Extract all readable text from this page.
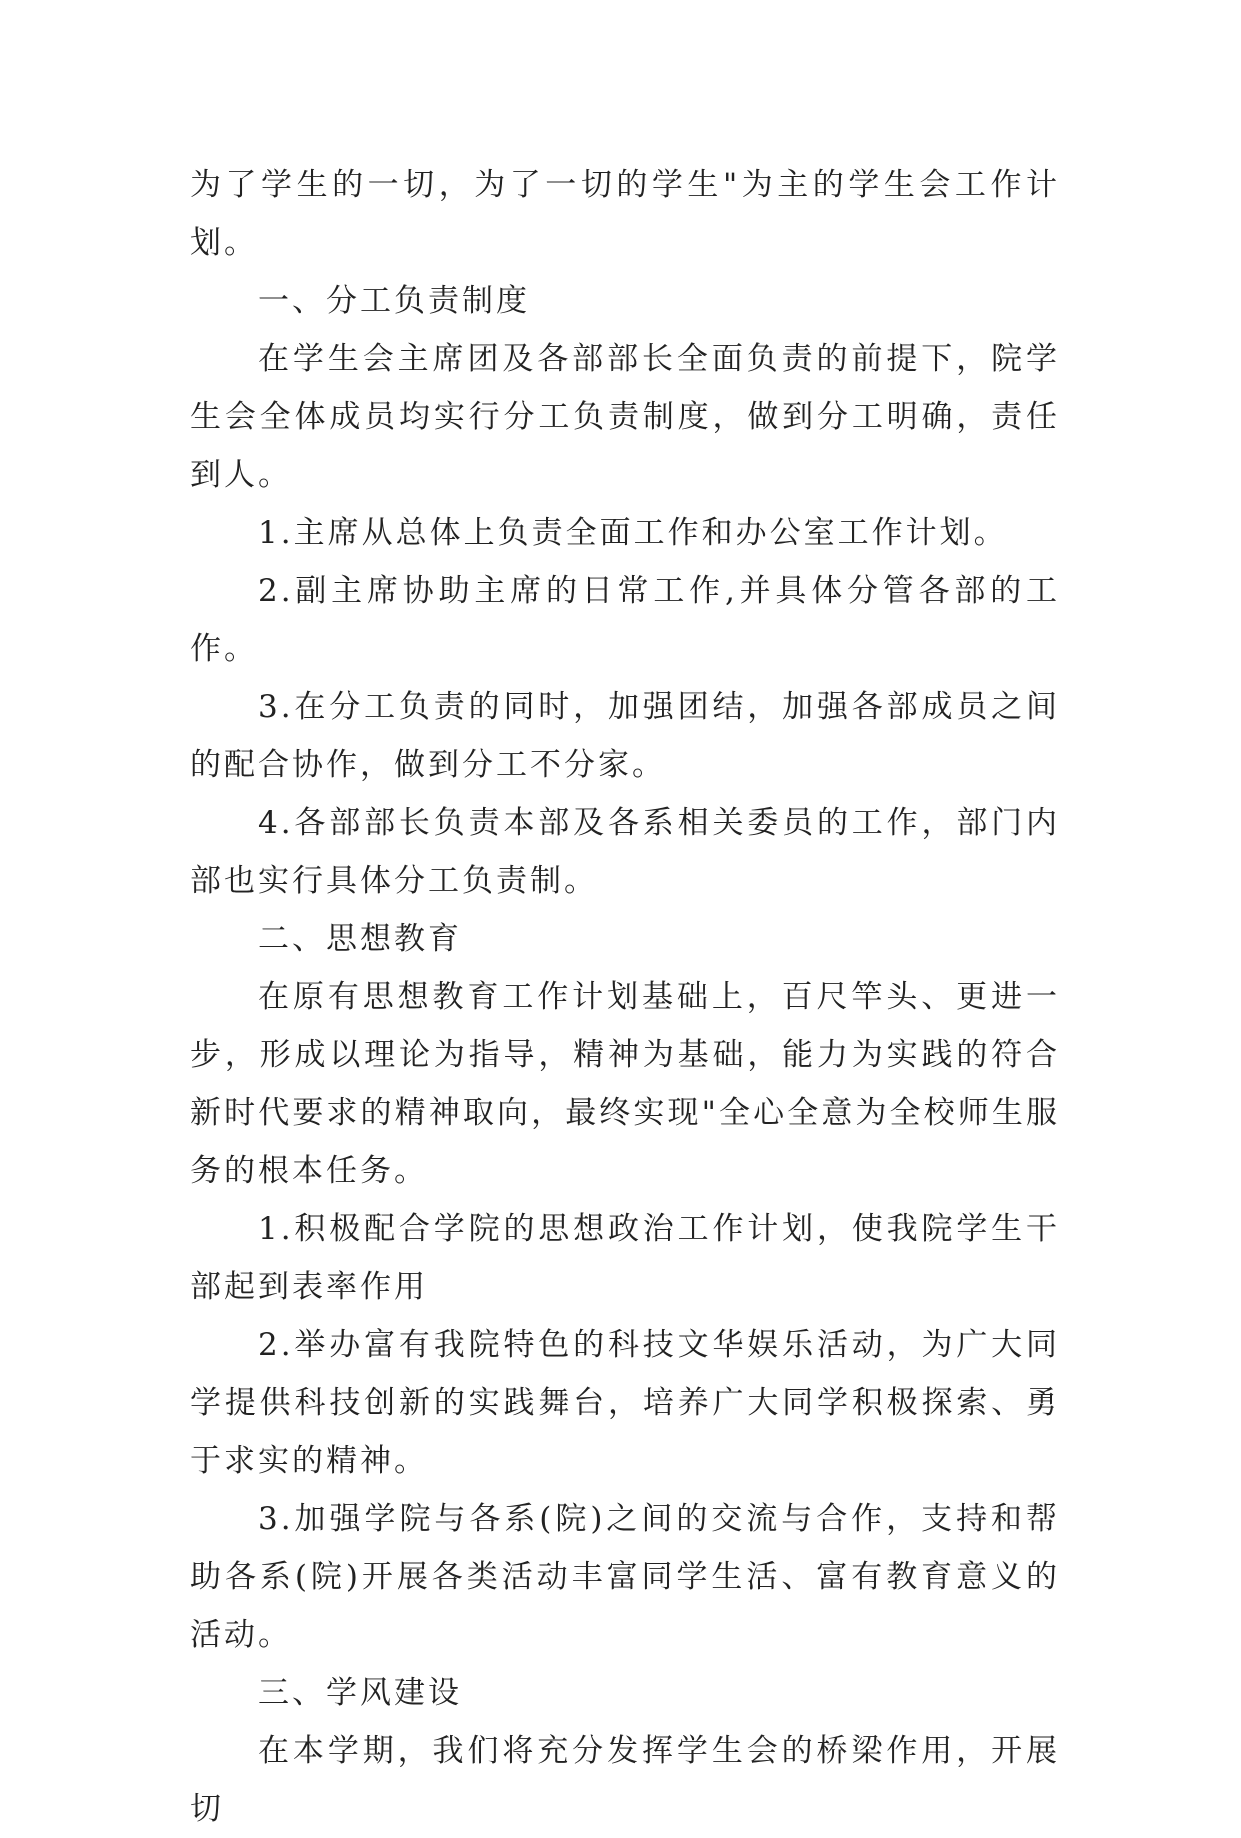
为了学生的一切，为了一切的学生"为主的学生会工作计划。

一、分工负责制度

在学生会主席团及各部部长全面负责的前提下，院学生会全体成员均实行分工负责制度，做到分工明确，责任到人。

1.主席从总体上负责全面工作和办公室工作计划。

2.副主席协助主席的日常工作,并具体分管各部的工作。

3.在分工负责的同时，加强团结，加强各部成员之间的配合协作，做到分工不分家。

4.各部部长负责本部及各系相关委员的工作，部门内部也实行具体分工负责制。

二、思想教育

在原有思想教育工作计划基础上，百尺竿头、更进一步，形成以理论为指导，精神为基础，能力为实践的符合新时代要求的精神取向，最终实现"全心全意为全校师生服务的根本任务。

1.积极配合学院的思想政治工作计划，使我院学生干部起到表率作用

2.举办富有我院特色的科技文华娱乐活动，为广大同学提供科技创新的实践舞台，培养广大同学积极探索、勇于求实的精神。

3.加强学院与各系(院)之间的交流与合作，支持和帮助各系(院)开展各类活动丰富同学生活、富有教育意义的活动。

三、学风建设

在本学期，我们将充分发挥学生会的桥梁作用，开展切
